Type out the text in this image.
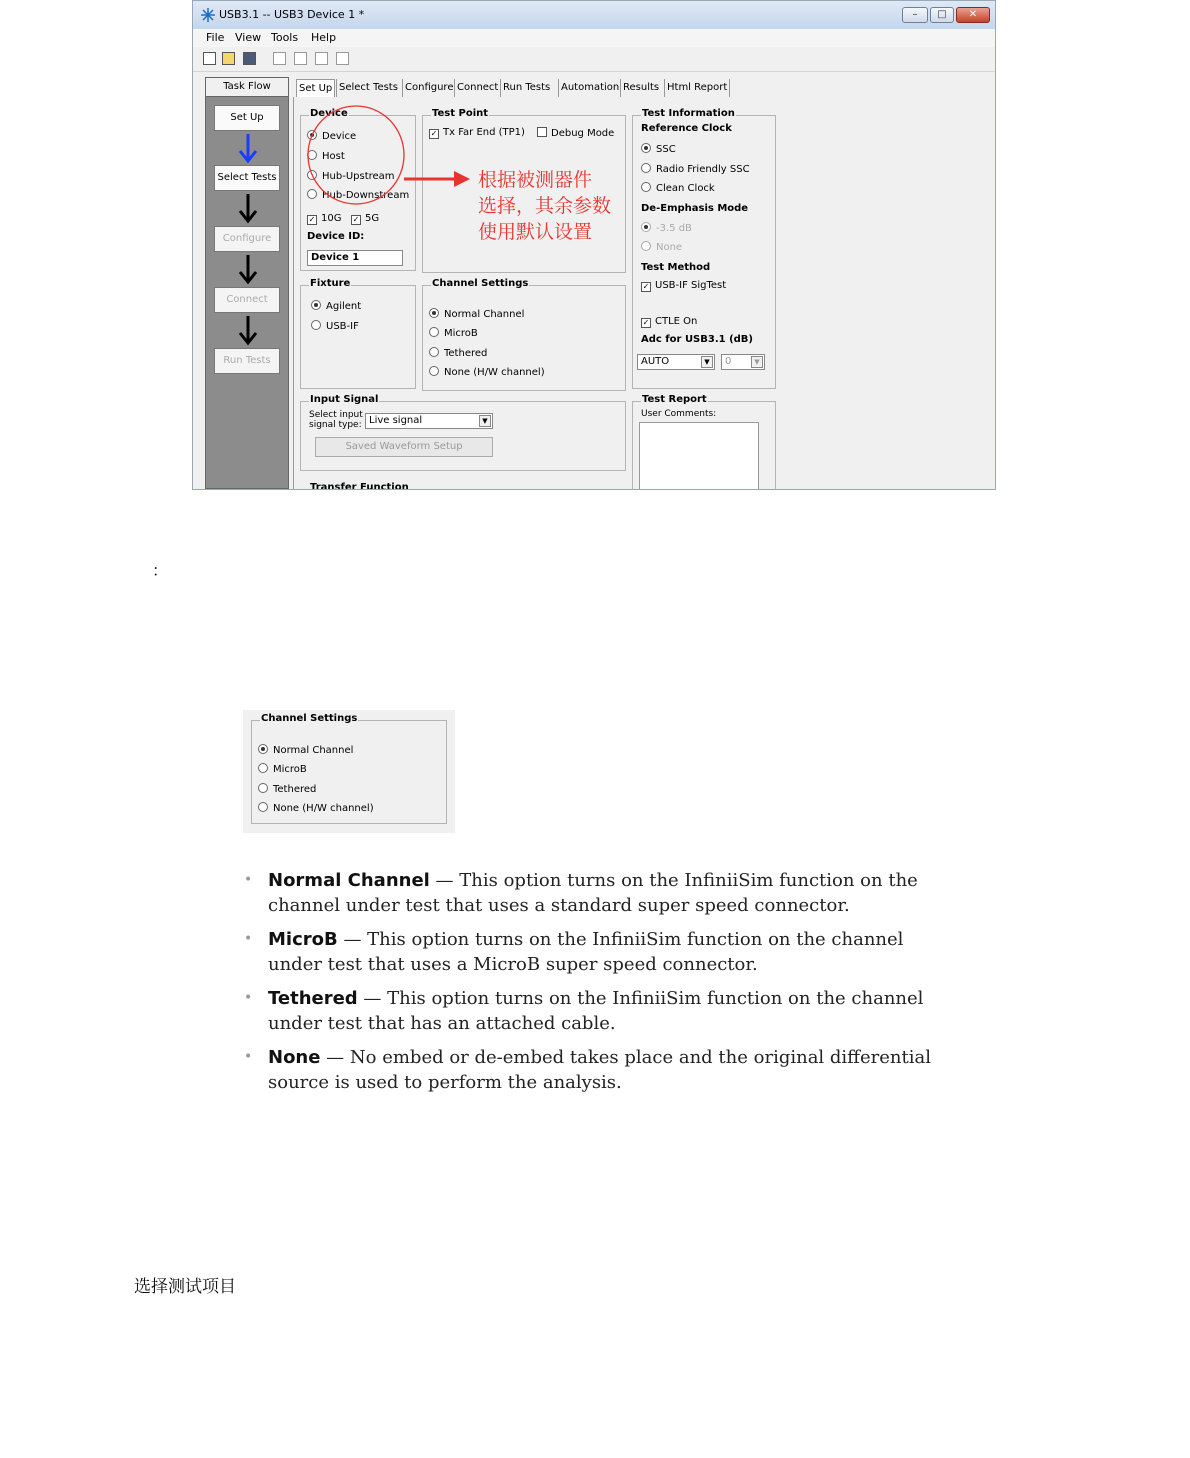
USB3.1 -- USB3 Device 1 *	–	□	✕
File View Tools Help
Task Flow
Set Up
Select Tests
Configure
Connect
Run Tests
Set Up Select Tests Configure Connect Run Tests	Automation Results Html Report
Device
Device
Host
Hub-Upstream
Hub-Downstream
✓ 10G ✓ 5G
Device ID:
Device 1
Test Point
✓ Tx Far End (TP1)	Debug Mode
Fixture
Agilent
USB-IF
Channel Settings
Normal Channel
MicroB
Tethered
None (H/W channel)
Input Signal
Select input
signal type: Live signal	▼
Saved Waveform Setup
Transfer Function
Test Information
Reference Clock
SSC
Radio Friendly SSC
Clean Clock
De-Emphasis Mode
-3.5 dB
None
Test Method
✓ USB-IF SigTest
✓ CTLE On
Adc for USB3.1 (dB)
AUTO	▼	0	▼
Test Report
User Comments:
根据被测器件
选择，其余参数
使用默认设置
：
Channel Settings
Normal Channel
MicroB
Tethered
None (H/W channel)
• Normal Channel — This option turns on the InfiniiSim function on the channel under test that uses a standard super speed connector.
• MicroB — This option turns on the InfiniiSim function on the channel under test that uses a MicroB super speed connector.
• Tethered — This option turns on the InfiniiSim function on the channel under test that has an attached cable.
• None — No embed or de-embed takes place and the original differential source is used to perform the analysis.
选择测试项目
